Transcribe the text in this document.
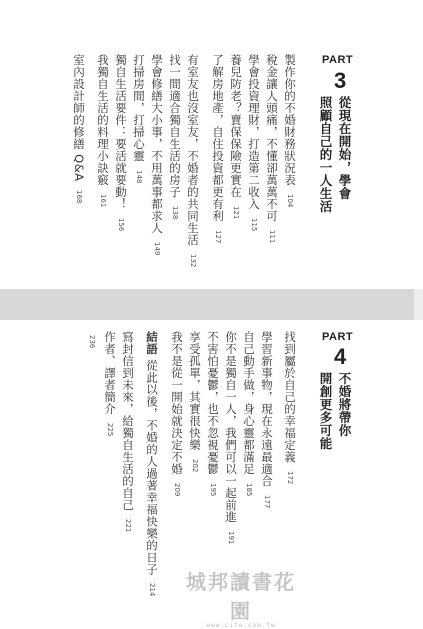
PART
3
從現在開始，學會
照顧自己的一人生活
製作你的不婚財務狀況表 104
稅金讓人頭痛，不懂卻萬萬不可 111
學會投資理財，打造第二收入 115
養兒防老？賣保保險更實在 121
了解房地產，自住投資都更有利 127
有室友也沒室友，不婚者的共同生活 132
找一間適合獨自生活的房子 138
學會修繕大小事，不用萬事都求人 149
打掃房間，打掃心靈 148
獨自生活要件：要活就要動！ 156
我獨自生活的料理小訣竅 161
室內設計師的修繕 Q&A 168
PART
4
不婚將帶你
開創更多可能
找到屬於自己的幸福定義 172
學習新事物，現在永遠最適合 177
自己動手做，身心靈都滿足 185
你不是獨自一人，我們可以一起前進 191
不害怕憂鬱，也不忽視憂鬱 195
享受孤單，其實很快樂 202
我不是從一開始就決定不婚 209
結語 從此以後，不婚的人過著幸福快樂的日子 214
寫封信到未來，給獨自生活的自己 221
作者、譯者簡介 225
236
城邦讀書花園
www.cite.com.tw
